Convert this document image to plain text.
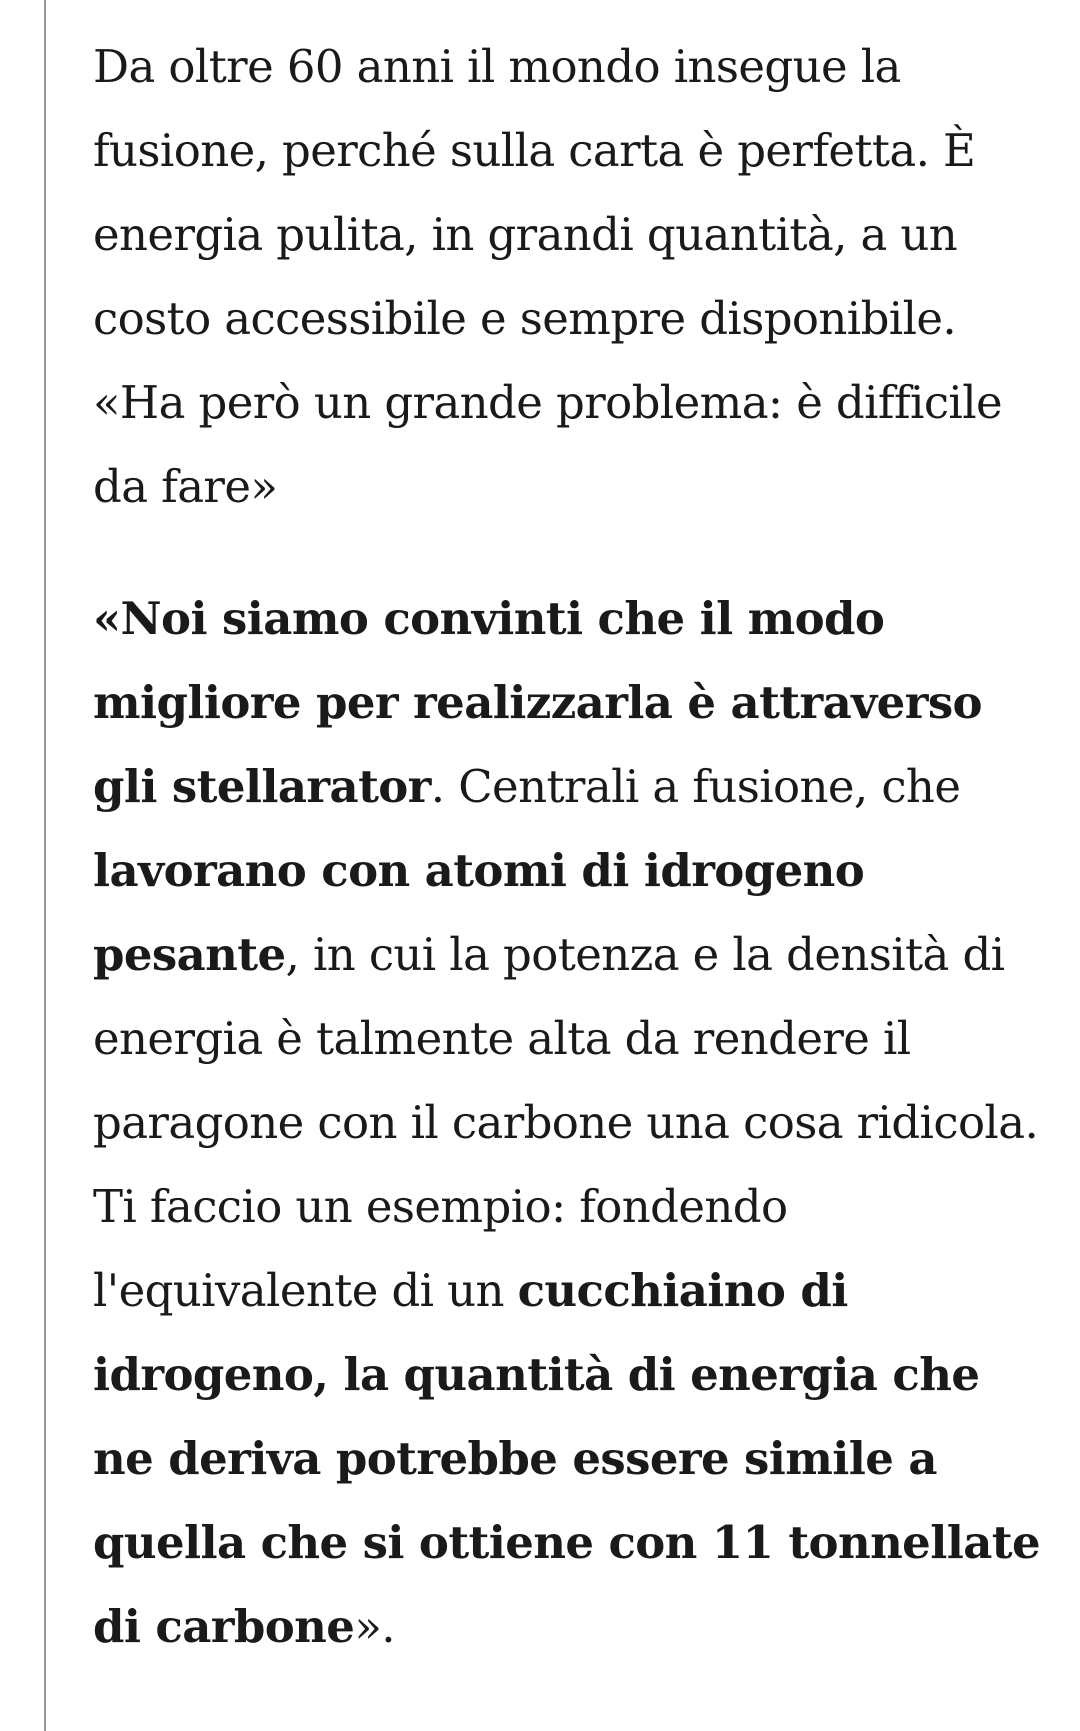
Da oltre 60 anni il mondo insegue la fusione, perché sulla carta è perfetta. È energia pulita, in grandi quantità, a un costo accessibile e sempre disponibile. «Ha però un grande problema: è difficile da fare»

«Noi siamo convinti che il modo migliore per realizzarla è attraverso gli stellarator. Centrali a fusione, che lavorano con atomi di idrogeno pesante, in cui la potenza e la densità di energia è talmente alta da rendere il paragone con il carbone una cosa ridicola. Ti faccio un esempio: fondendo l'equivalente di un cucchiaino di idrogeno, la quantità di energia che ne deriva potrebbe essere simile a quella che si ottiene con 11 tonnellate di carbone».
